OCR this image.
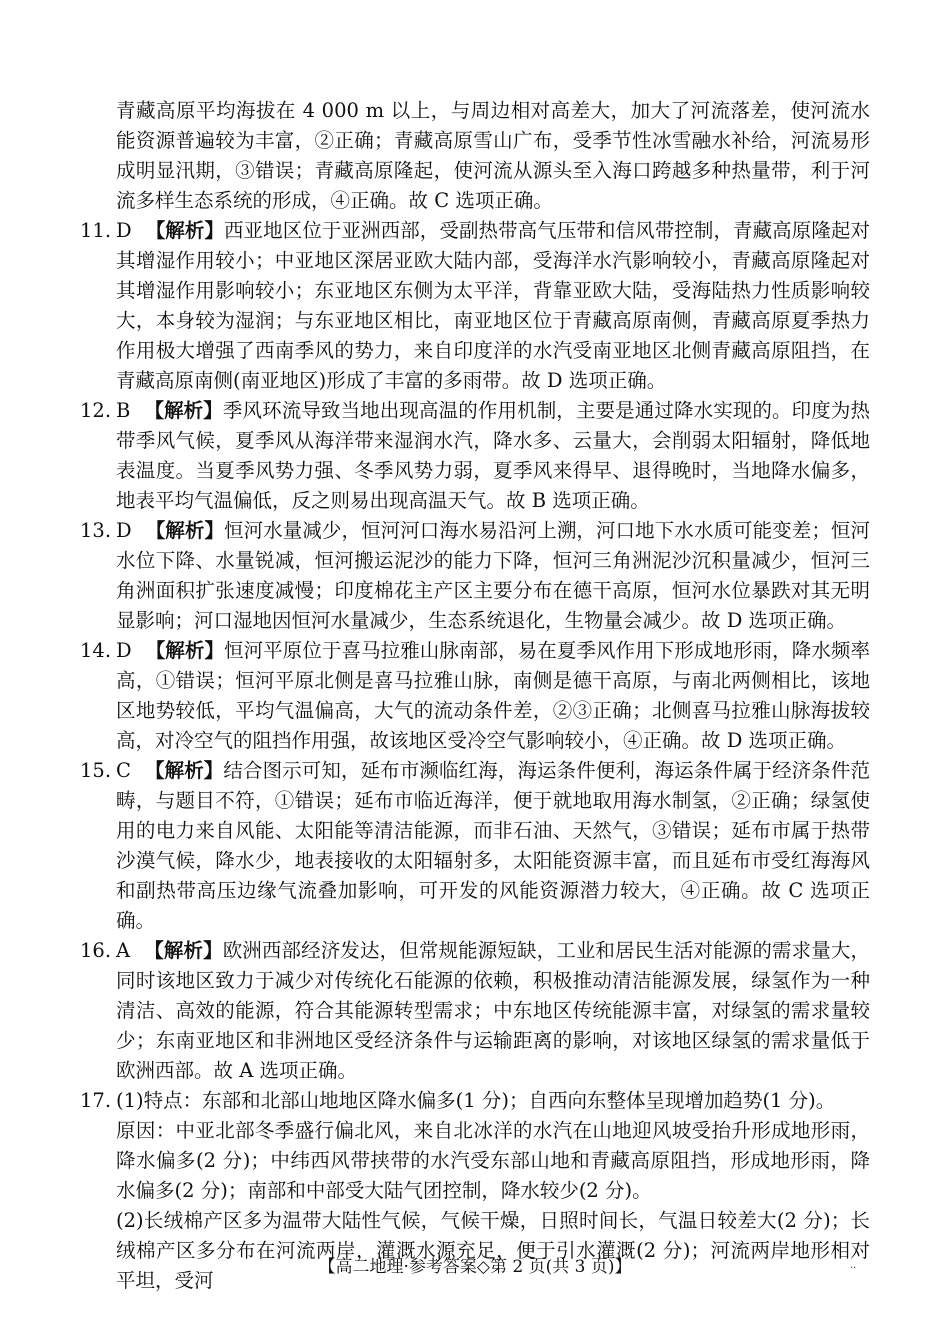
青藏高原平均海拔在 4 000 m 以上，与周边相对高差大，加大了河流落差，使河流水能资源普遍较为丰富，②正确；青藏高原雪山广布，受季节性冰雪融水补给，河流易形成明显汛期，③错误；青藏高原隆起，使河流从源头至入海口跨越多种热量带，利于河流多样生态系统的形成，④正确。故 C 选项正确。

11. D 【解析】西亚地区位于亚洲西部，受副热带高气压带和信风带控制，青藏高原隆起对其增湿作用较小；中亚地区深居亚欧大陆内部，受海洋水汽影响较小，青藏高原隆起对其增湿作用影响较小；东亚地区东侧为太平洋，背靠亚欧大陆，受海陆热力性质影响较大，本身较为湿润；与东亚地区相比，南亚地区位于青藏高原南侧，青藏高原夏季热力作用极大增强了西南季风的势力，来自印度洋的水汽受南亚地区北侧青藏高原阻挡，在青藏高原南侧(南亚地区)形成了丰富的多雨带。故 D 选项正确。
12. B 【解析】季风环流导致当地出现高温的作用机制，主要是通过降水实现的。印度为热带季风气候，夏季风从海洋带来湿润水汽，降水多、云量大，会削弱太阳辐射，降低地表温度。当夏季风势力强、冬季风势力弱，夏季风来得早、退得晚时，当地降水偏多，地表平均气温偏低，反之则易出现高温天气。故 B 选项正确。
13. D 【解析】恒河水量减少，恒河河口海水易沿河上溯，河口地下水水质可能变差；恒河水位下降、水量锐减，恒河搬运泥沙的能力下降，恒河三角洲泥沙沉积量减少，恒河三角洲面积扩张速度减慢；印度棉花主产区主要分布在德干高原，恒河水位暴跌对其无明显影响；河口湿地因恒河水量减少，生态系统退化，生物量会减少。故 D 选项正确。
14. D 【解析】恒河平原位于喜马拉雅山脉南部，易在夏季风作用下形成地形雨，降水频率高，①错误；恒河平原北侧是喜马拉雅山脉，南侧是德干高原，与南北两侧相比，该地区地势较低，平均气温偏高，大气的流动条件差，②③正确；北侧喜马拉雅山脉海拔较高，对冷空气的阻挡作用强，故该地区受冷空气影响较小，④正确。故 D 选项正确。
15. C 【解析】结合图示可知，延布市濒临红海，海运条件便利，海运条件属于经济条件范畴，与题目不符，①错误；延布市临近海洋，便于就地取用海水制氢，②正确；绿氢使用的电力来自风能、太阳能等清洁能源，而非石油、天然气，③错误；延布市属于热带沙漠气候，降水少，地表接收的太阳辐射多，太阳能资源丰富，而且延布市受红海海风和副热带高压边缘气流叠加影响，可开发的风能资源潜力较大，④正确。故 C 选项正确。
16. A 【解析】欧洲西部经济发达，但常规能源短缺，工业和居民生活对能源的需求量大，同时该地区致力于减少对传统化石能源的依赖，积极推动清洁能源发展，绿氢作为一种清洁、高效的能源，符合其能源转型需求；中东地区传统能源丰富，对绿氢的需求量较少；东南亚地区和非洲地区受经济条件与运输距离的影响，对该地区绿氢的需求量低于欧洲西部。故 A 选项正确。
17. (1)特点：东部和北部山地地区降水偏多(1 分)；自西向东整体呈现增加趋势(1 分)。
原因：中亚北部冬季盛行偏北风，来自北冰洋的水汽在山地迎风坡受抬升形成地形雨，降水偏多(2 分)；中纬西风带挟带的水汽受东部山地和青藏高原阻挡，形成地形雨，降水偏多(2 分)；南部和中部受大陆气团控制，降水较少(2 分)。
(2)长绒棉产区多为温带大陆性气候，气候干燥，日照时间长，气温日较差大(2 分)；长绒棉产区多分布在河流两岸，灌溉水源充足，便于引水灌溉(2 分)；河流两岸地形相对平坦，受河
【高二地理·参考答案◇第 2 页(共 3 页)】	..
